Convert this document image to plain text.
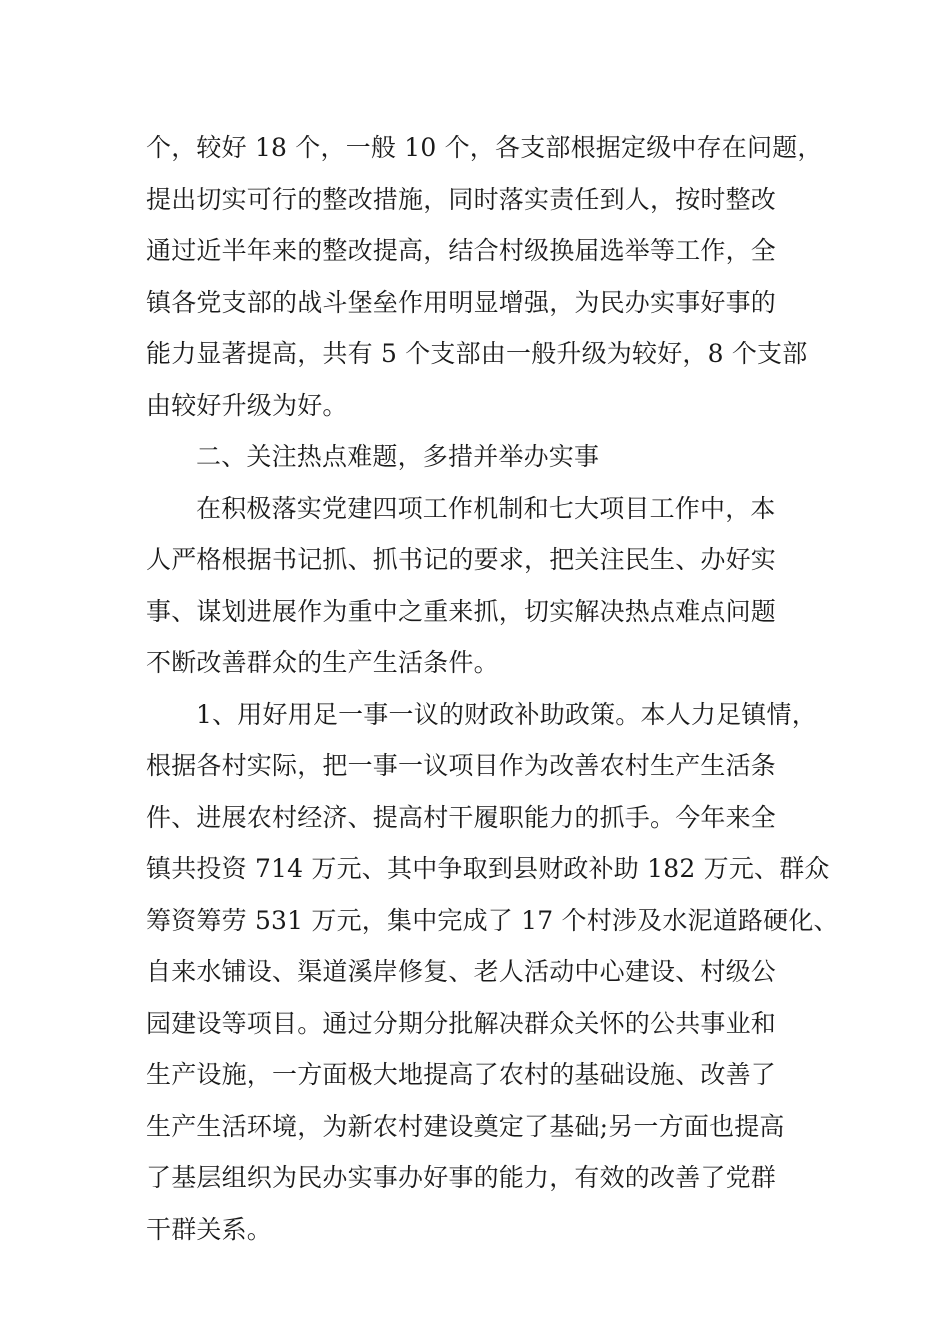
个，较好 18 个，一般 10 个，各支部根据定级中存在问题，
提出切实可行的整改措施，同时落实责任到人，按时整改
通过近半年来的整改提高，结合村级换届选举等工作，全
镇各党支部的战斗堡垒作用明显增强，为民办实事好事的
能力显著提高，共有 5 个支部由一般升级为较好，8 个支部
由较好升级为好。
二、关注热点难题，多措并举办实事
在积极落实党建四项工作机制和七大项目工作中，本
人严格根据书记抓、抓书记的要求，把关注民生、办好实
事、谋划进展作为重中之重来抓，切实解决热点难点问题
不断改善群众的生产生活条件。
1、用好用足一事一议的财政补助政策。本人力足镇情，
根据各村实际，把一事一议项目作为改善农村生产生活条
件、进展农村经济、提高村干履职能力的抓手。今年来全
镇共投资 714 万元、其中争取到县财政补助 182 万元、群众
筹资筹劳 531 万元，集中完成了 17 个村涉及水泥道路硬化、
自来水铺设、渠道溪岸修复、老人活动中心建设、村级公
园建设等项目。通过分期分批解决群众关怀的公共事业和
生产设施，一方面极大地提高了农村的基础设施、改善了
生产生活环境，为新农村建设奠定了基础;另一方面也提高
了基层组织为民办实事办好事的能力，有效的改善了党群
干群关系。
